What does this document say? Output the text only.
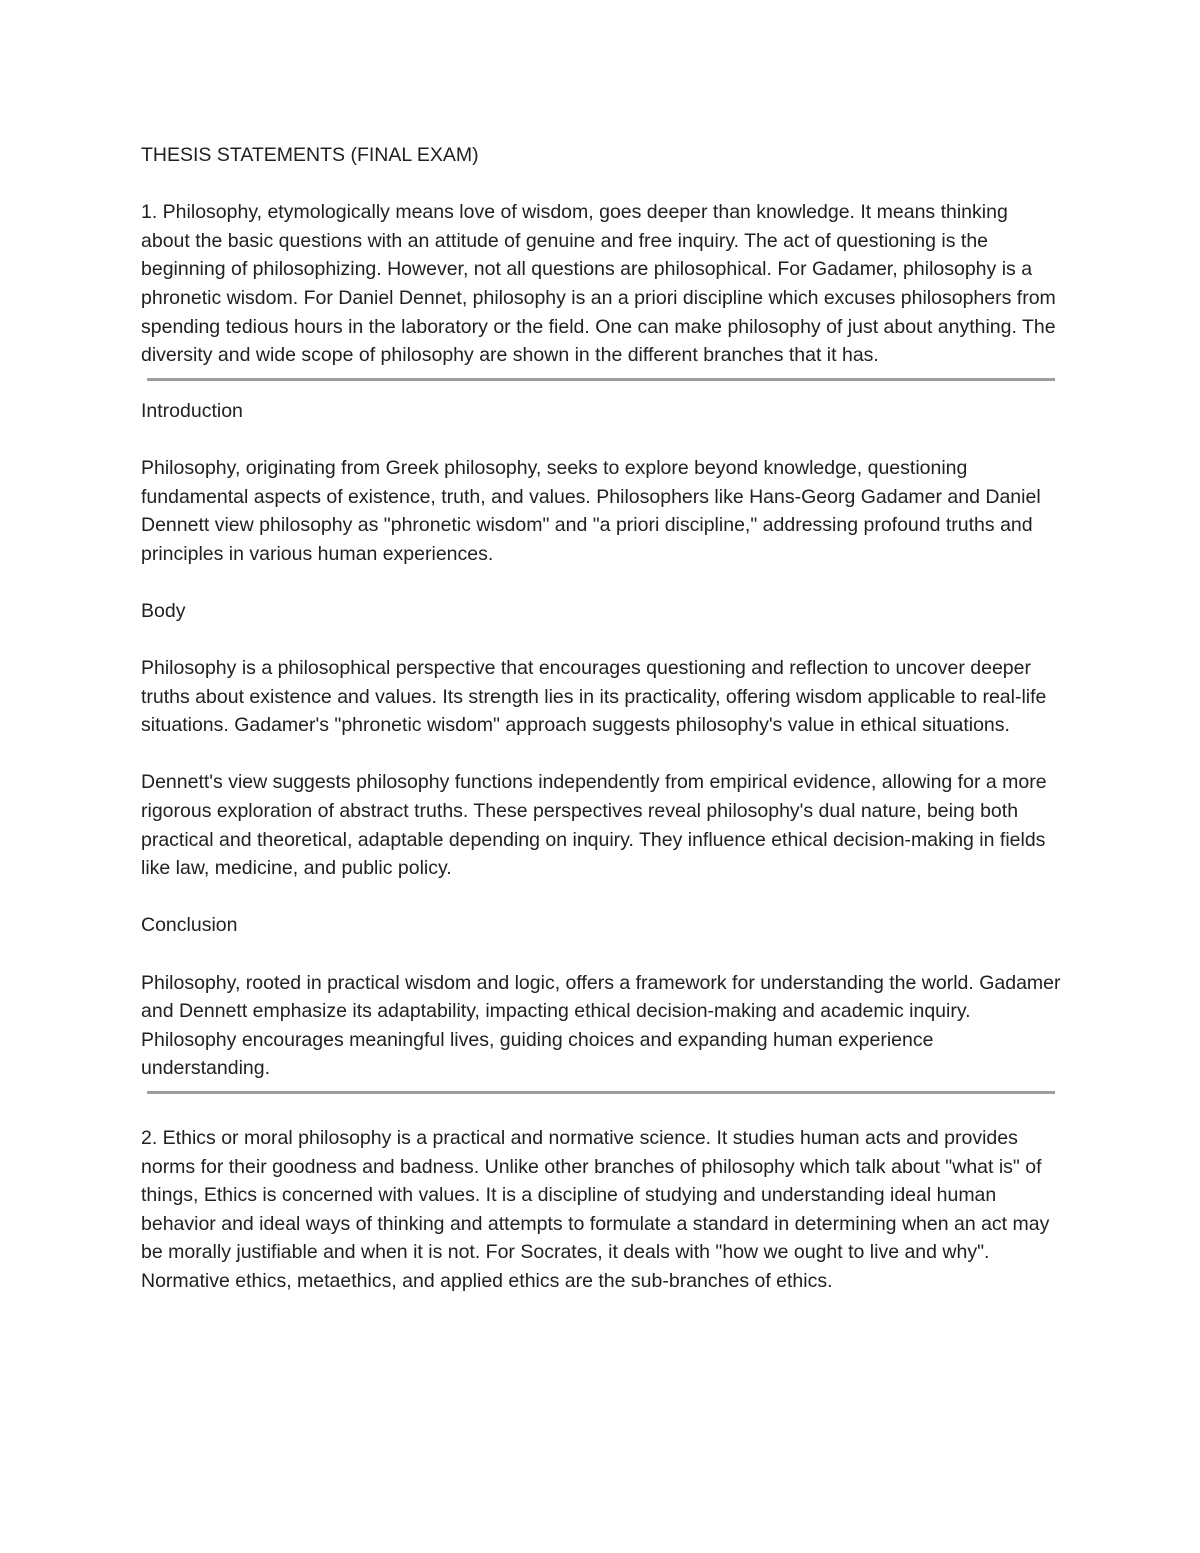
THESIS STATEMENTS (FINAL EXAM)
1. Philosophy, etymologically means love of wisdom, goes deeper than knowledge. It means thinking about the basic questions with an attitude of genuine and free inquiry. The act of questioning is the beginning of philosophizing. However, not all questions are philosophical. For Gadamer, philosophy is a phronetic wisdom. For Daniel Dennet, philosophy is an a priori discipline which excuses philosophers from spending tedious hours in the laboratory or the field. One can make philosophy of just about anything. The diversity and wide scope of philosophy are shown in the different branches that it has.
Introduction
Philosophy, originating from Greek philosophy, seeks to explore beyond knowledge, questioning fundamental aspects of existence, truth, and values. Philosophers like Hans-Georg Gadamer and Daniel Dennett view philosophy as "phronetic wisdom" and "a priori discipline," addressing profound truths and principles in various human experiences.
Body
Philosophy is a philosophical perspective that encourages questioning and reflection to uncover deeper truths about existence and values. Its strength lies in its practicality, offering wisdom applicable to real-life situations. Gadamer's "phronetic wisdom" approach suggests philosophy's value in ethical situations.
Dennett's view suggests philosophy functions independently from empirical evidence, allowing for a more rigorous exploration of abstract truths. These perspectives reveal philosophy's dual nature, being both practical and theoretical, adaptable depending on inquiry. They influence ethical decision-making in fields like law, medicine, and public policy.
Conclusion
Philosophy, rooted in practical wisdom and logic, offers a framework for understanding the world. Gadamer and Dennett emphasize its adaptability, impacting ethical decision-making and academic inquiry. Philosophy encourages meaningful lives, guiding choices and expanding human experience understanding.
2. Ethics or moral philosophy is a practical and normative science. It studies human acts and provides norms for their goodness and badness. Unlike other branches of philosophy which talk about "what is" of things, Ethics is concerned with values. It is a discipline of studying and understanding ideal human behavior and ideal ways of thinking and attempts to formulate a standard in determining when an act may be morally justifiable and when it is not. For Socrates, it deals with "how we ought to live and why". Normative ethics, metaethics, and applied ethics are the sub-branches of ethics.
